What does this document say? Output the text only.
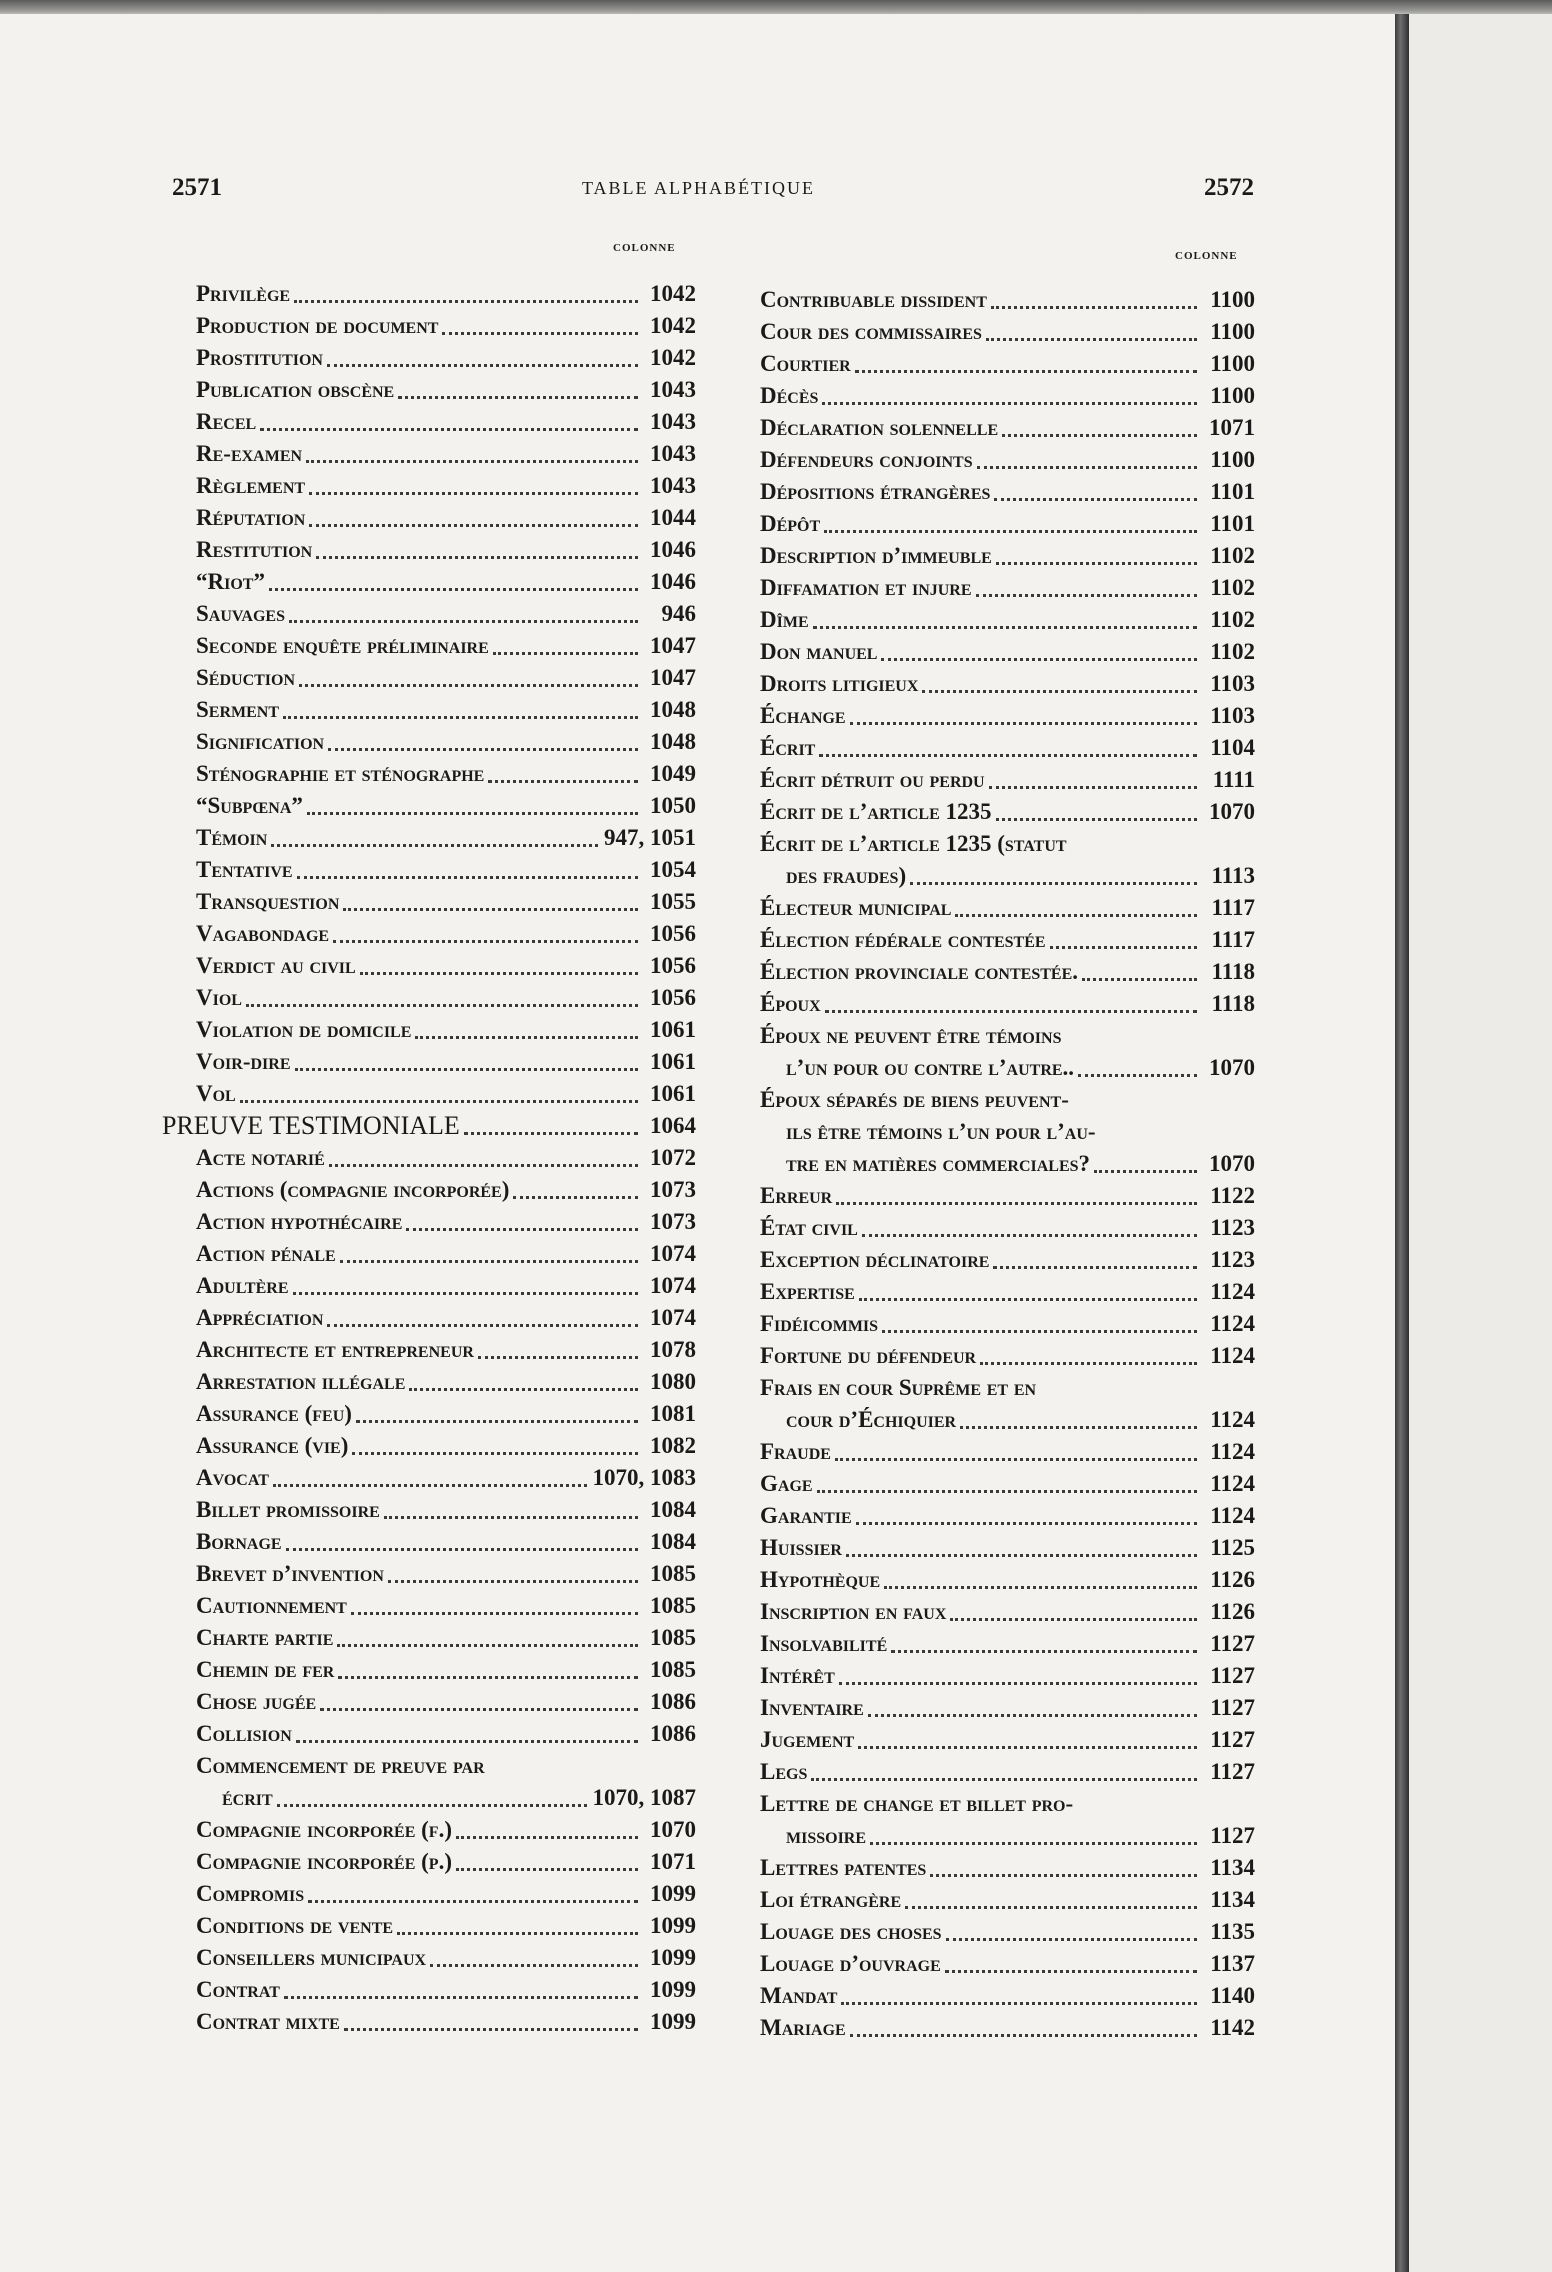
2571	TABLE ALPHABÉTIQUE	2572
COLONNE
COLONNE
Privilège	1042
Production de document	1042
Prostitution	1042
Publication obscène	1043
Recel	1043
Re-examen	1043
Règlement	1043
Réputation	1044
Restitution	1046
“Riot”	1046
Sauvages	946
Seconde enquête préliminaire	1047
Séduction	1047
Serment	1048
Signification	1048
Sténographie et sténographe	1049
“Subpœna”	1050
Témoin	947, 1051
Tentative	1054
Transquestion	1055
Vagabondage	1056
Verdict au civil	1056
Viol	1056
Violation de domicile	1061
Voir-dire	1061
Vol	1061
PREUVE TESTIMONIALE	1064
Acte notarié	1072
Actions (compagnie incorporée)	1073
Action hypothécaire	1073
Action pénale	1074
Adultère	1074
Appréciation	1074
Architecte et entrepreneur	1078
Arrestation illégale	1080
Assurance (feu)	1081
Assurance (vie)	1082
Avocat	1070, 1083
Billet promissoire	1084
Bornage	1084
Brevet d’invention	1085
Cautionnement	1085
Charte partie	1085
Chemin de fer	1085
Chose jugée	1086
Collision	1086
Commencement de preuve par
écrit	1070, 1087
Compagnie incorporée (f.)	1070
Compagnie incorporée (p.)	1071
Compromis	1099
Conditions de vente	1099
Conseillers municipaux	1099
Contrat	1099
Contrat mixte	1099
Contribuable dissident	1100
Cour des commissaires	1100
Courtier	1100
Décès	1100
Déclaration solennelle	1071
Défendeurs conjoints	1100
Dépositions étrangères	1101
Dépôt	1101
Description d’immeuble	1102
Diffamation et injure	1102
Dîme	1102
Don manuel	1102
Droits litigieux	1103
Échange	1103
Écrit	1104
Écrit détruit ou perdu	1111
Écrit de l’article 1235	1070
Écrit de l’article 1235 (statut
des fraudes)	1113
Électeur municipal	1117
Élection fédérale contestée	1117
Élection provinciale contestée.	1118
Époux	1118
Époux ne peuvent être témoins
l’un pour ou contre l’autre..	1070
Époux séparés de biens peuvent-
ils être témoins l’un pour l’au-
tre en matières commerciales?	1070
Erreur	1122
État civil	1123
Exception déclinatoire	1123
Expertise	1124
Fidéicommis	1124
Fortune du défendeur	1124
Frais en cour Suprême et en
cour d’Échiquier	1124
Fraude	1124
Gage	1124
Garantie	1124
Huissier	1125
Hypothèque	1126
Inscription en faux	1126
Insolvabilité	1127
Intérêt	1127
Inventaire	1127
Jugement	1127
Legs	1127
Lettre de change et billet pro-
missoire	1127
Lettres patentes	1134
Loi étrangère	1134
Louage des choses	1135
Louage d’ouvrage	1137
Mandat	1140
Mariage	1142
